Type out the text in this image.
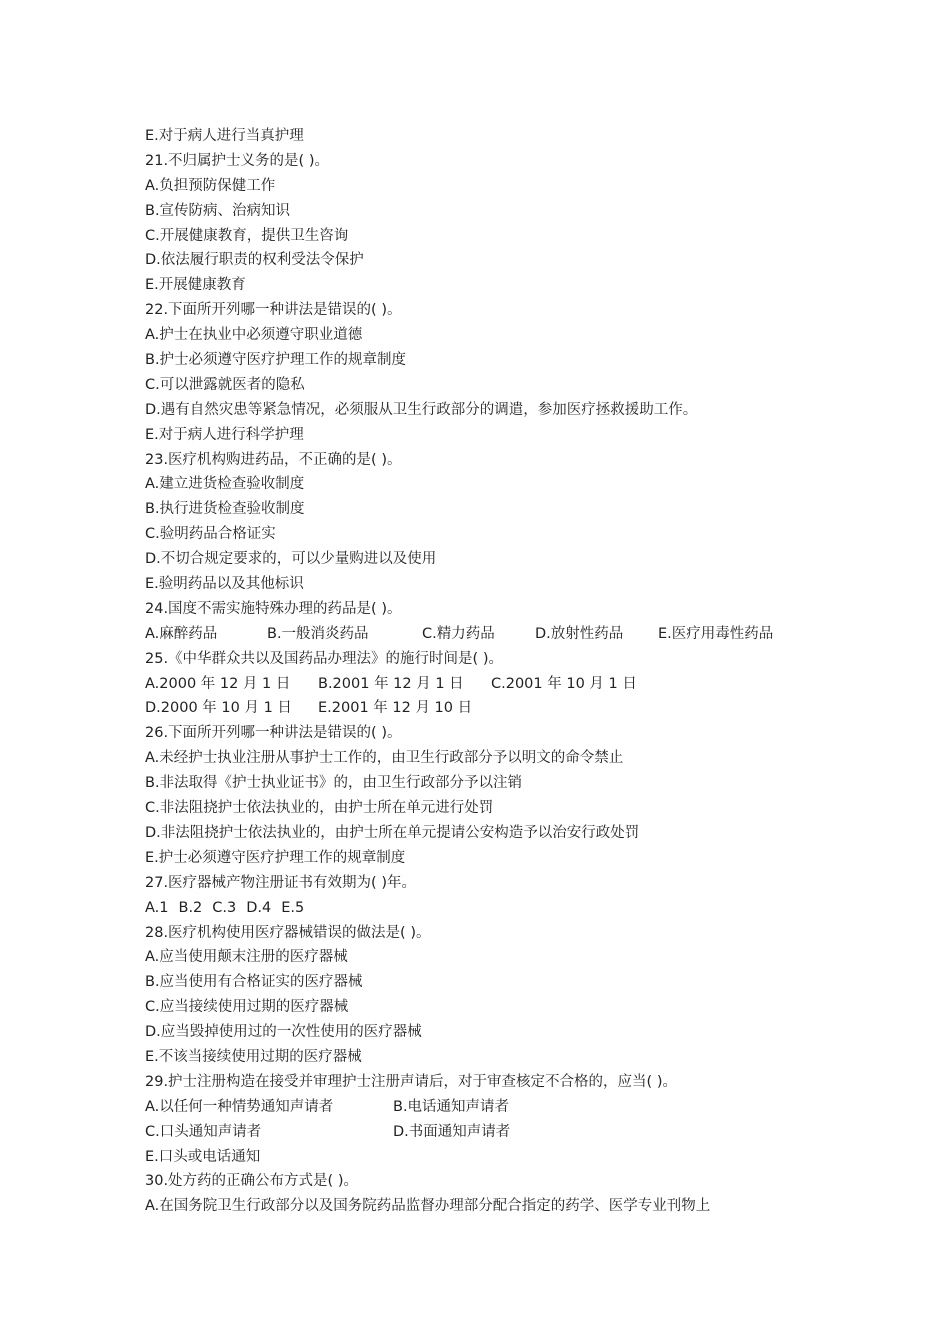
E.对于病人进行当真护理
21.不归属护士义务的是( )。
A.负担预防保健工作
B.宣传防病、治病知识
C.开展健康教育，提供卫生咨询
D.依法履行职责的权利受法令保护
E.开展健康教育
22.下面所开列哪一种讲法是错误的( )。
A.护士在执业中必须遵守职业道德
B.护士必须遵守医疗护理工作的规章制度
C.可以泄露就医者的隐私
D.遇有自然灾患等紧急情况，必须服从卫生行政部分的调遣，参加医疗拯救援助工作。
E.对于病人进行科学护理
23.医疗机构购进药品，不正确的是( )。
A.建立进货检查验收制度
B.执行进货检查验收制度
C.验明药品合格证实
D.不切合规定要求的，可以少量购进以及使用
E.验明药品以及其他标识
24.国度不需实施特殊办理的药品是( )。
A.麻醉药品	B.一般消炎药品	C.精力药品	D.放射性药品 E.医疗用毒性药品
25.《中华群众共以及国药品办理法》的施行时间是( )。
A.2000 年 12 月 1 日 B.2001 年 12 月 1 日 C.2001 年 10 月 1 日
D.2000 年 10 月 1 日 E.2001 年 12 月 10 日
26.下面所开列哪一种讲法是错误的( )。
A.未经护士执业注册从事护士工作的，由卫生行政部分予以明文的命令禁止
B.非法取得《护士执业证书》的，由卫生行政部分予以注销
C.非法阻挠护士依法执业的，由护士所在单元进行处罚
D.非法阻挠护士依法执业的，由护士所在单元提请公安构造予以治安行政处罚
E.护士必须遵守医疗护理工作的规章制度
27.医疗器械产物注册证书有效期为( )年。
A.1 B.2 C.3 D.4 E.5
28.医疗机构使用医疗器械错误的做法是( )。
A.应当使用颠末注册的医疗器械
B.应当使用有合格证实的医疗器械
C.应当接续使用过期的医疗器械
D.应当毁掉使用过的一次性使用的医疗器械
E.不该当接续使用过期的医疗器械
29.护士注册构造在接受并审理护士注册声请后，对于审查核定不合格的，应当( )。
A.以任何一种情势通知声请者	B.电话通知声请者
C.口头通知声请者	D.书面通知声请者
E.口头或电话通知
30.处方药的正确公布方式是( )。
A.在国务院卫生行政部分以及国务院药品监督办理部分配合指定的药学、医学专业刊物上
